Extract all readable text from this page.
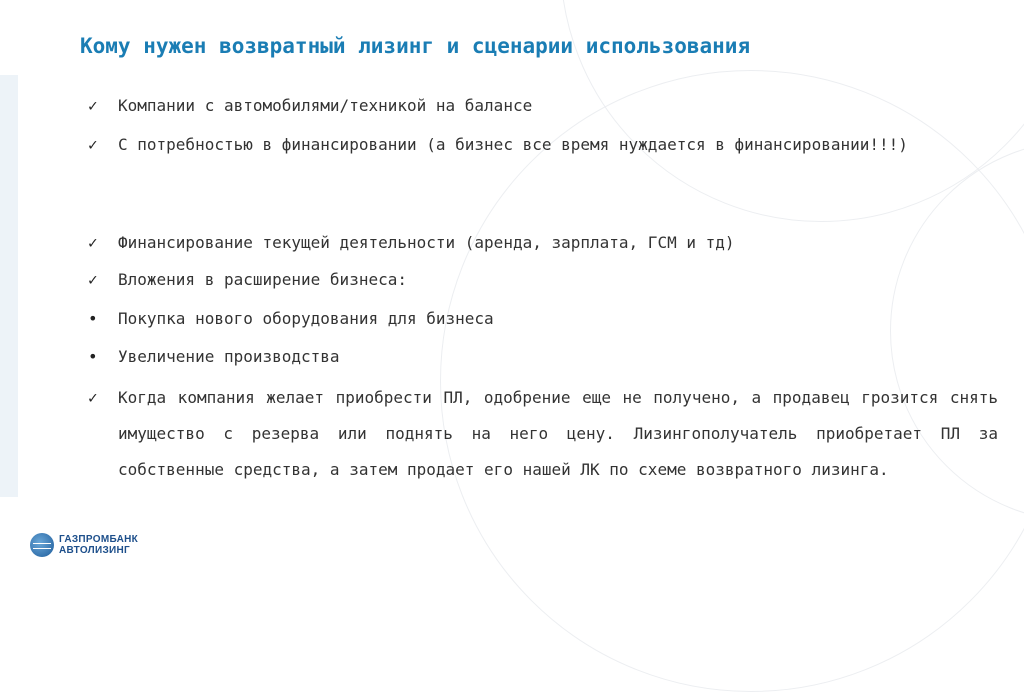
Кому нужен возвратный лизинг и сценарии использования
✓ Компании с автомобилями/техникой на балансе
✓ С потребностью в финансировании (а бизнес все время нуждается в финансировании!!!)
✓ Финансирование текущей деятельности (аренда, зарплата, ГСМ и тд)
✓ Вложения в расширение бизнеса:
• Покупка нового оборудования для бизнеса
• Увеличение производства
✓ Когда компания желает приобрести ПЛ, одобрение еще не получено, а продавец грозится снять имущество с резерва или поднять на него цену. Лизингополучатель приобретает ПЛ за собственные средства, а затем продает его нашей ЛК по схеме возвратного лизинга.
ГАЗПРОМБАНК
АВТОЛИЗИНГ
